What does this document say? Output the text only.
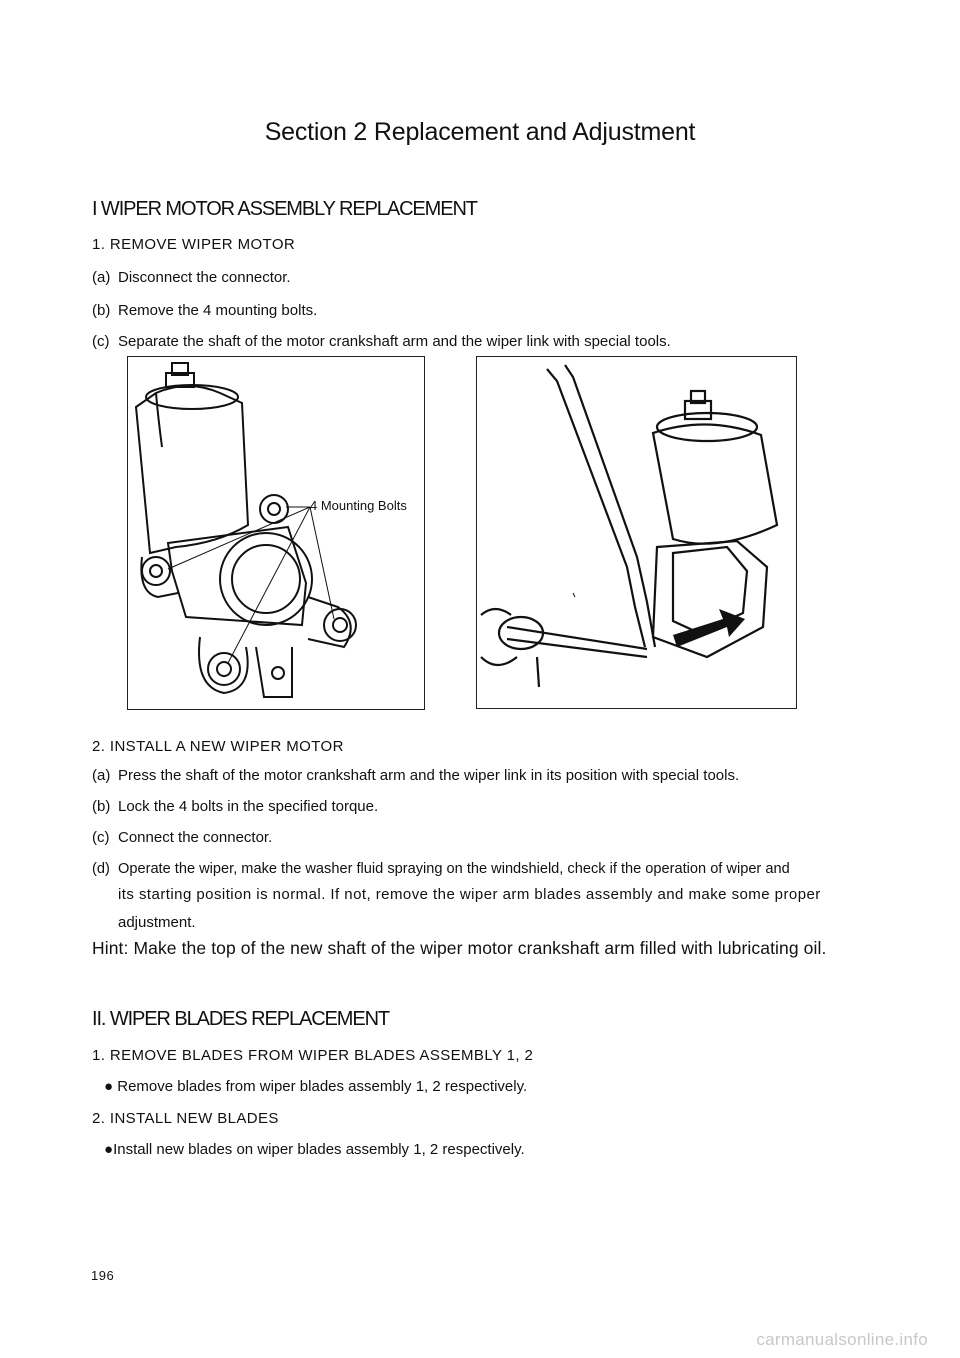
Section 2 Replacement and Adjustment
I WIPER MOTOR ASSEMBLY REPLACEMENT
1. REMOVE WIPER MOTOR
(a) Disconnect the connector.
(b) Remove the 4 mounting bolts.
(c) Separate the shaft of the motor crankshaft arm and the wiper link with special tools.
4 Mounting Bolts
2. INSTALL A NEW WIPER MOTOR
(a) Press the shaft of the motor crankshaft arm and the wiper link in its position with special tools.
(b) Lock the 4 bolts in the specified torque.
(c) Connect the connector.
(d) Operate the wiper, make the washer fluid spraying on the windshield, check if the operation of wiper and
its starting position is normal. If not, remove the wiper arm blades assembly and make some proper
adjustment.
Hint: Make the top of the new shaft of the wiper motor crankshaft arm filled with lubricating oil.
II. WIPER BLADES REPLACEMENT
1. REMOVE BLADES FROM WIPER BLADES ASSEMBLY 1, 2
● Remove blades from wiper blades assembly 1, 2 respectively.
2. INSTALL NEW BLADES
●Install new blades on wiper blades assembly 1, 2 respectively.
196
carmanualsonline.info
